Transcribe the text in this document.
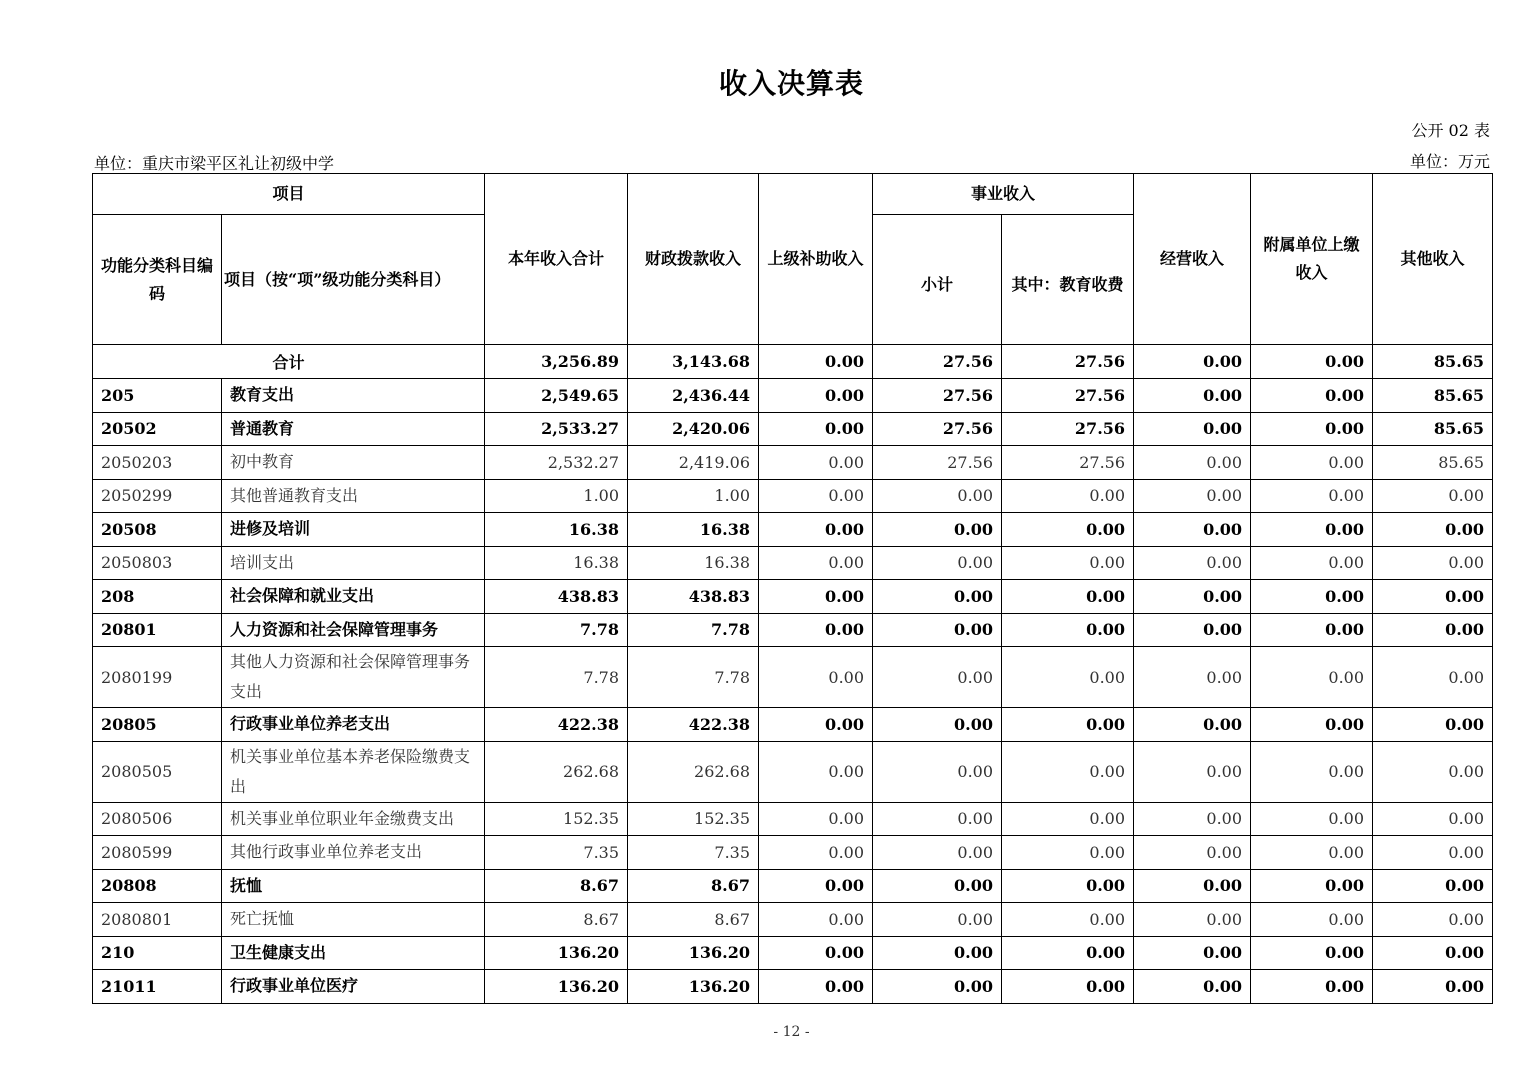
收入决算表
公开 02 表
单位：重庆市梁平区礼让初级中学	单位：万元
项目		本年收入合计	财政拨款收入	上级补助收入	事业收入		经营收入	附属单位上缴收入	其他收入
功能分类科目编码	项目（按“项”级功能分类科目）				小计	其中：教育收费			
合计		3,256.89	3,143.68	0.00	27.56	27.56	0.00	0.00	85.65
205	教育支出	2,549.65	2,436.44	0.00	27.56	27.56	0.00	0.00	85.65
20502	普通教育	2,533.27	2,420.06	0.00	27.56	27.56	0.00	0.00	85.65
2050203	初中教育	2,532.27	2,419.06	0.00	27.56	27.56	0.00	0.00	85.65
2050299	其他普通教育支出	1.00	1.00	0.00	0.00	0.00	0.00	0.00	0.00
20508	进修及培训	16.38	16.38	0.00	0.00	0.00	0.00	0.00	0.00
2050803	培训支出	16.38	16.38	0.00	0.00	0.00	0.00	0.00	0.00
208	社会保障和就业支出	438.83	438.83	0.00	0.00	0.00	0.00	0.00	0.00
20801	人力资源和社会保障管理事务	7.78	7.78	0.00	0.00	0.00	0.00	0.00	0.00
2080199	其他人力资源和社会保障管理事务支出	7.78	7.78	0.00	0.00	0.00	0.00	0.00	0.00
20805	行政事业单位养老支出	422.38	422.38	0.00	0.00	0.00	0.00	0.00	0.00
2080505	机关事业单位基本养老保险缴费支出	262.68	262.68	0.00	0.00	0.00	0.00	0.00	0.00
2080506	机关事业单位职业年金缴费支出	152.35	152.35	0.00	0.00	0.00	0.00	0.00	0.00
2080599	其他行政事业单位养老支出	7.35	7.35	0.00	0.00	0.00	0.00	0.00	0.00
20808	抚恤	8.67	8.67	0.00	0.00	0.00	0.00	0.00	0.00
2080801	死亡抚恤	8.67	8.67	0.00	0.00	0.00	0.00	0.00	0.00
210	卫生健康支出	136.20	136.20	0.00	0.00	0.00	0.00	0.00	0.00
21011	行政事业单位医疗	136.20	136.20	0.00	0.00	0.00	0.00	0.00	0.00
- 12 -
